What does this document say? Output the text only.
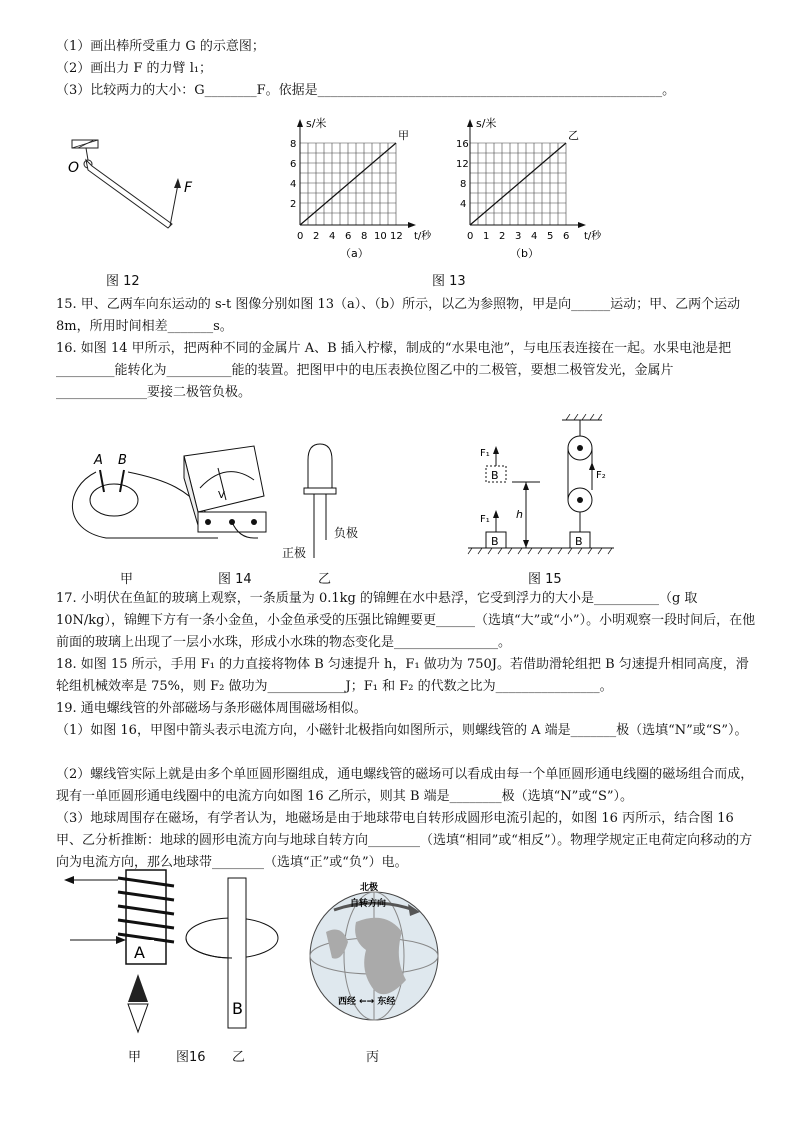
（1）画出棒所受重力 G 的示意图；
（2）画出力 F 的力臂 l₁；
（3）比较两力的大小：G________F。依据是_____________________________________________________。
O
F
图 12
s/米
甲
t/秒
8
6
4
2
0 2 4 6 8 10 12
（a）
s/米
乙
t/秒
16
12
8
4
0 1 2 3 4 5 6
（b）
图 13
15. 甲、乙两车向东运动的 s-t 图像分别如图 13（a）、（b）所示，以乙为参照物，甲是向______运动；甲、乙两个运动 8m，所用时间相差_______s。
16. 如图 14 甲所示，把两种不同的金属片 A、B 插入柠檬，制成的“水果电池”，与电压表连接在一起。水果电池是把_________能转化为__________能的装置。把图甲中的电压表换位图乙中的二极管，要想二极管发光，金属片______________要接二极管负极。
A B
V
负极
正极
甲	图 14	乙
B
F₂
B
F₁
B
F₁
h
图 15
17. 小明伏在鱼缸的玻璃上观察，一条质量为 0.1kg 的锦鲤在水中悬浮，它受到浮力的大小是__________（g 取 10N/kg），锦鲤下方有一条小金鱼，小金鱼承受的压强比锦鲤要更______（选填“大”或“小”）。小明观察一段时间后，在他前面的玻璃上出现了一层小水珠，形成小水珠的物态变化是________________。
18. 如图 15 所示，手用 F₁ 的力直接将物体 B 匀速提升 h，F₁ 做功为 750J。若借助滑轮组把 B 匀速提升相同高度，滑轮组机械效率是 75%，则 F₂ 做功为____________J；F₁ 和 F₂ 的代数之比为________________。
19. 通电螺线管的外部磁场与条形磁体周围磁场相似。
（1）如图 16，甲图中箭头表示电流方向，小磁针北极指向如图所示，则螺线管的 A 端是_______极（选填“N”或“S”）。
（2）螺线管实际上就是由多个单匝圆形圈组成，通电螺线管的磁场可以看成由每一个单匝圆形通电线圈的磁场组合而成，现有一单匝圆形通电线圈中的电流方向如图 16 乙所示，则其 B 端是________极（选填“N”或“S”）。
（3）地球周围存在磁场，有学者认为，地磁场是由于地球带电自转形成圆形电流引起的，如图 16 丙所示，结合图 16 甲、乙分析推断：地球的圆形电流方向与地球自转方向________（选填“相同”或“相反”）。物理学规定正电荷定向移动的方向为电流方向，那么地球带________（选填“正”或“负”）电。
A
B
北极
自转方向
西经 ←→ 东经
甲	图16 乙	丙
